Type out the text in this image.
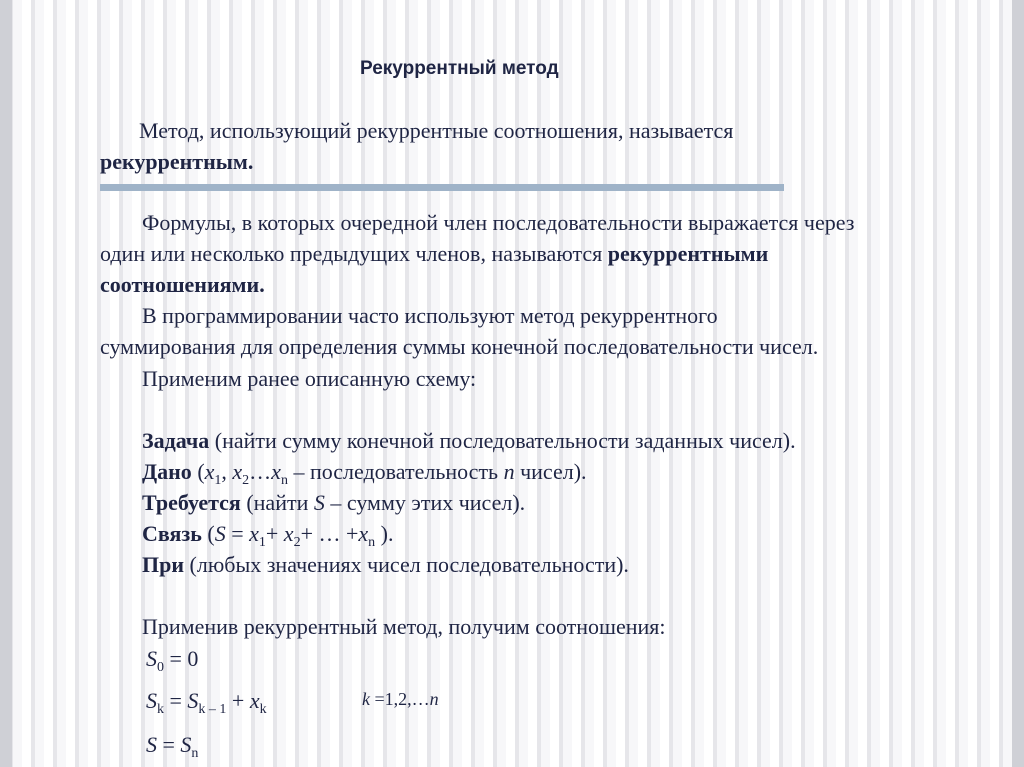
Рекуррентный метод
Метод, использующий рекуррентные соотношения, называется
рекуррентным.
Формулы, в которых очередной член последовательности выражается через
один или несколько предыдущих членов, называются рекуррентными
соотношениями.
В программировании часто используют метод рекуррентного
суммирования для определения суммы конечной последовательности чисел.
Применим ранее описанную схему:
Задача (найти сумму конечной последовательности заданных чисел).
Дано ($x_1$, $x_2\dots x_n$ – последовательность n чисел).
Требуется (найти S – сумму этих чисел).
Связь ($S = x_1+ x_2+$ … $+x_n$ ).
При (любых значениях чисел последовательности).
Применив рекуррентный метод, получим соотношения:
$S_0 = 0$
$S_k = S_{k - 1} + x_k$
k =1,2,…n
$S = S_n$
